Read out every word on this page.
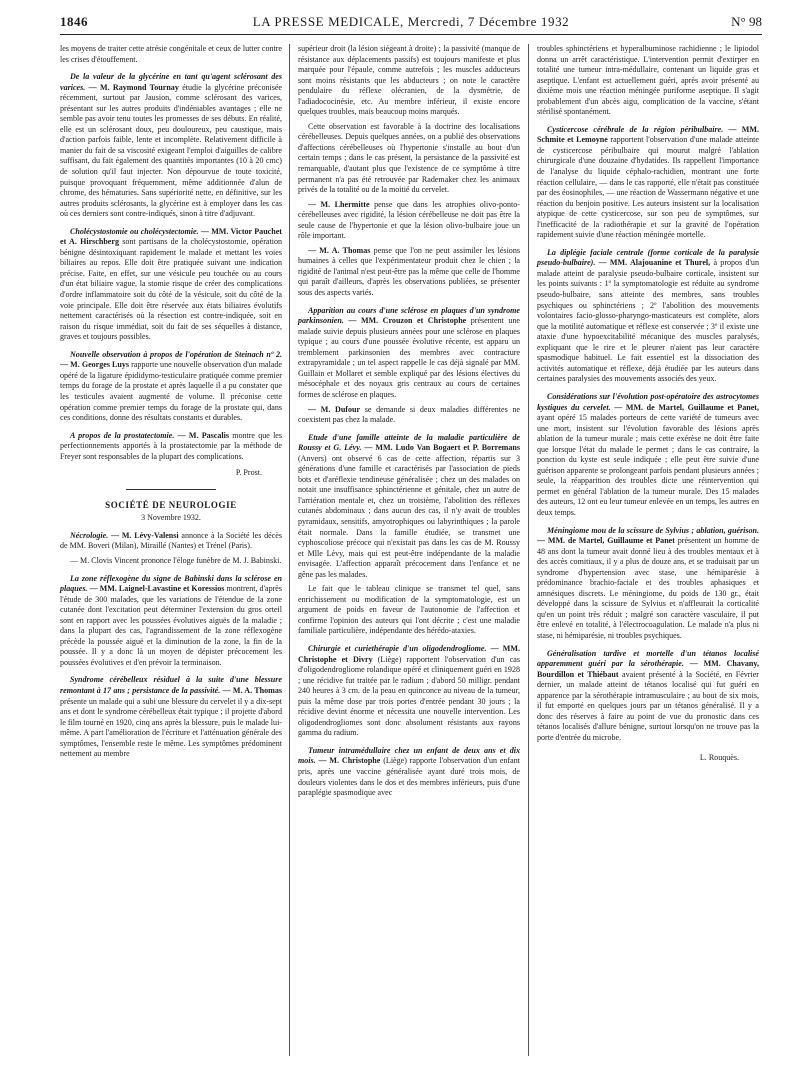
1846	LA PRESSE MEDICALE, Mercredi, 7 Décembre 1932	N° 98

les moyens de traiter cette atrésie congénitale et ceux de lutter contre les crises d'étouffement.

De la valeur de la glycérine en tant qu'agent sclérosant des varices. — M. Raymond Tournay étudie la glycérine préconisée récemment, surtout par Jausion, comme sclérosant des varices, présentant sur les autres produits d'indéniables avantages ; elle ne semble pas avoir tenu toutes les promesses de ses débuts. En réalité, elle est un sclérosant doux, peu douloureux, peu caustique, mais d'action parfois faible, lente et incomplète. Relativement difficile à manier du fait de sa viscosité exigeant l'emploi d'aiguilles de calibre suffisant, du fait également des quantités importantes (10 à 20 cmc) de solution qu'il faut injecter. Non dépourvue de toute toxicité, puisque provoquant fréquemment, même additionnée d'alun de chrome, des hématuries. Sans supériorité nette, en définitive, sur les autres produits sclérosants, la glycérine est à employer dans les cas où ces derniers sont contre-indiqués, sinon à titre d'adjuvant.

Cholécystostomie ou cholécystectomie. — MM. Victor Pauchet et A. Hirschberg sont partisans de la cholécystostomie, opération bénigne désintoxiquant rapidement le malade et mettant les voies biliaires au repos. Elle doit être pratiquée suivant une indication précise. Faite, en effet, sur une vésicule peu touchée ou au cours d'un état biliaire vague, la stomie risque de créer des complications d'ordre inflammatoire soit du côté de la vésicule, soit du côté de la voie principale. Elle doit être réservée aux états biliaires évolutifs nettement caractérisés où la résection est contre-indiquée, soit en raison du risque immédiat, soit du fait de ses séquelles à distance, graves et toujours possibles.

Nouvelle observation à propos de l'opération de Steinach nº 2. — M. Georges Luys rapporte une nouvelle observation d'un malade opéré de la ligature épididymo-testiculaire pratiquée comme premier temps du forage de la prostate et après laquelle il a pu constater que les testicules avaient augmenté de volume. Il préconise cette opération comme premier temps du forage de la prostate qui, dans ces conditions, donne des résultats constants et durables.

A propos de la prostatectomie. — M. Pascalis montre que les perfectionnements apportés à la prostatectomie par la méthode de Freyer sont responsables de la plupart des complications.

P. Prost.

SOCIÉTÉ DE NEUROLOGIE
3 Novembre 1932.

Nécrologie. — M. Lévy-Valensi annonce à la Société les décès de MM. Boveri (Milan), Miraillé (Nantes) et Trénel (Paris).

— M. Clovis Vincent prononce l'éloge funèbre de M. J. Babinski.

La zone réflexogène du signe de Babinski dans la sclérose en plaques. — MM. Laignel-Lavastine et Koressios montrent, d'après l'étude de 300 malades, que les variations de l'étendue de la zone cutanée dont l'excitation peut déterminer l'extension du gros orteil sont en rapport avec les poussées évolutives aiguës de la maladie ; dans la plupart des cas, l'agrandissement de la zone réflexogène précède la poussée aiguë et la diminution de la zone, la fin de la poussée. Il y a donc là un moyen de dépister précocement les poussées évolutives et d'en prévoir la terminaison.

Syndrome cérébelleux résiduel à la suite d'une blessure remontant à 17 ans ; persistance de la passivité. — M. A. Thomas présente un malade qui a subi une blessure du cervelet il y a dix-sept ans et dont le syndrome cérébelleux était typique ; il projette d'abord le film tourné en 1920, cinq ans après la blessure, puis le malade lui-même. A part l'amélioration de l'écriture et l'atténuation générale des symptômes, l'ensemble reste le même. Les symptômes prédominent nettement au membre

supérieur droit (la lésion siégeant à droite) ; la passivité (manque de résistance aux déplacements passifs) est toujours manifeste et plus marquée pour l'épaule, comme autrefois ; les muscles adducteurs sont moins résistants que les abducteurs ; on note le caractère pendulaire du réflexe olécranien, de la dysmétrie, de l'adiadococinésie, etc. Au membre inférieur, il existe encore quelques troubles, mais beaucoup moins marqués.

Cette observation est favorable à la doctrine des localisations cérébelleuses. Depuis quelques années, on a publié des observations d'affections cérébelleuses où l'hypertonie s'installe au bout d'un certain temps ; dans le cas présent, la persistance de la passivité est remarquable, d'autant plus que l'existence de ce symptôme à titre permanent n'a pas été retrouvée par Rademaker chez les animaux privés de la totalité ou de la moitié du cervelet.

— M. Lhermitte pense que dans les atrophies olivo-ponto-cérébelleuses avec rigidité, la lésion cérébelleuse ne doit pas être la seule cause de l'hypertonie et que la lésion olivo-bulbaire joue un rôle important.

— M. A. Thomas pense que l'on ne peut assimiler les lésions humaines à celles que l'expérimentateur produit chez le chien ; la rigidité de l'animal n'est peut-être pas la même que celle de l'homme qui paraît d'ailleurs, d'après les observations publiées, se présenter sous des aspects variés.

Apparition au cours d'une sclérose en plaques d'un syndrome parkinsonien. — MM. Crouzon et Christophe présentent une malade suivie depuis plusieurs années pour une sclérose en plaques typique ; au cours d'une poussée évolutive récente, est apparu un tremblement parkinsonien des membres avec contracture extrapyramidale ; un tel aspect rappelle le cas déjà signalé par MM. Guillain et Mollaret et semble expliqué par des lésions électives du mésocéphale et des noyaux gris centraux au cours de certaines formes de sclérose en plaques.

— M. Dufour se demande si deux maladies différentes ne coexistent pas chez la malade.

Etude d'une famille atteinte de la maladie particulière de Roussy et G. Lévy. — MM. Ludo Van Bogaert et P. Borremans (Anvers) ont observé 6 cas de cette affection, répartis sur 3 générations d'une famille et caractérisés par l'association de pieds bots et d'aréflexie tendineuse généralisée ; chez un des malades on notait une insuffisance sphinctérienne et génitale, chez un autre de l'arriération mentale et, chez un troisième, l'abolition des réflexes cutanés abdominaux ; dans aucun des cas, il n'y avait de troubles pyramidaux, sensitifs, amyotrophiques ou labyrinthiques ; la parole était normale. Dans la famille étudiée, se transmet une cyphoscoliose précoce qui n'existait pas dans les cas de M. Roussy et Mlle Lévy, mais qui est peut-être indépendante de la maladie envisagée. L'affection apparaît précocement dans l'enfance et ne gêne pas les malades.

Le fait que le tableau clinique se transmet tel quel, sans enrichissement ou modification de la symptomatologie, est un argument de poids en faveur de l'autonomie de l'affection et confirme l'opinion des auteurs qui l'ont décrite ; c'est une maladie familiale particulière, indépendante des hérédo-ataxies.

Chirurgie et curiethérapie d'un oligodendrogliome. — MM. Christophe et Divry (Liège) rapportent l'observation d'un cas d'oligodendrogliome rolandique opéré et cliniquement guéri en 1928 ; une récidive fut traitée par le radium ; d'abord 50 milligr. pendant 240 heures à 3 cm. de la peau en quinconce au niveau de la tumeur, puis la même dose par trois portes d'entrée pendant 30 jours ; la récidive devint énorme et nécessita une nouvelle intervention. Les oligodendrogliomes sont donc absolument résistants aux rayons gamma du radium.

Tumeur intramédullaire chez un enfant de deux ans et dix mois. — M. Christophe (Liège) rapporte l'observation d'un enfant pris, après une vaccine généralisée ayant duré trois mois, de douleurs violentes dans le dos et des membres inférieurs, puis d'une paraplégie spasmodique avec

troubles sphinctériens et hyperalbuminose rachidienne ; le lipiodol donna un arrêt caractéristique. L'intervention permit d'extirper en totalité une tumeur intra-médullaire, contenant un liquide gras et aseptique. L'enfant est actuellement guéri, après avoir présenté au dixième mois une réaction méningée puriforme aseptique. Il s'agit probablement d'un abcès aigu, complication de la vaccine, s'étant stérilisé spontanément.

Cysticercose cérébrale de la région péribulbaire. — MM. Schmite et Lemoyne rapportent l'observation d'une malade atteinte de cysticercose péribulbaire qui mourut malgré l'ablation chirurgicale d'une douzaine d'hydatides. Ils rappellent l'importance de l'analyse du liquide céphalo-rachidien, montrant une forte réaction cellulaire, — dans le cas rapporté, elle n'était pas constituée par des éosinophiles, — une réaction de Wassermann négative et une réaction du benjoin positive. Les auteurs insistent sur la localisation atypique de cette cysticercose, sur son peu de symptômes, sur l'inefficacité de la radiothérapie et sur la gravité de l'opération rapidement suivie d'une réaction méningée mortelle.

La diplégie faciale centrale (forme corticale de la paralysie pseudo-bulbaire). — MM. Alajouanine et Thurel, à propos d'un malade atteint de paralysie pseudo-bulbaire corticale, insistent sur les points suivants : 1º la symptomatologie est réduite au syndrome pseudo-bulbaire, sans atteinte des membres, sans troubles psychiques ou sphinctériens ; 2º l'abolition des mouvements volontaires facio-glosso-pharyngo-masticateurs est complète, alors que la motilité automatique et réflexe est conservée ; 3º il existe une ataxie d'une hypoexcitabilité mécanique des muscles paralysés, expliquant que le rire et le pleurer n'aient pas leur caractère spasmodique habituel. Le fait essentiel est la dissociation des activités automatique et réflexe, déjà étudiée par les auteurs dans certaines paralysies des mouvements associés des yeux.

Considérations sur l'évolution post-opératoire des astrocytomes kystiques du cervelet. — MM. de Martel, Guillaume et Panet, ayant opéré 15 malades porteurs de cette variété de tumeurs avec une mort, insistent sur l'évolution favorable des lésions après ablation de la tumeur murale ; mais cette exérèse ne doit être faite que lorsque l'état du malade le permet ; dans le cas contraire, la ponction du kyste est seule indiquée ; elle peut être suivie d'une guérison apparente se prolongeant parfois pendant plusieurs années ; seule, la réapparition des troubles dicte une réintervention qui permet en général l'ablation de la tumeur murale. Des 15 malades des auteurs, 12 ont eu leur tumeur enlevée en un temps, les autres en deux temps.

Méningiome mou de la scissure de Sylvius ; ablation, guérison. — MM. de Martel, Guillaume et Panet présentent un homme de 48 ans dont la tumeur avait donné lieu à des troubles mentaux et à des accès comitiaux, il y a plus de douze ans, et se traduisait par un syndrome d'hypertension avec stase, une hémiparésie à prédominance brachio-faciale et des troubles aphasiques et amnésiques discrets. Le méningiome, du poids de 130 gr., était développé dans la scissure de Sylvius et n'affleurait la corticalité qu'en un point très réduit ; malgré son caractère vasculaire, il put être enlevé en totalité, à l'électrocoagulation. Le malade n'a plus ni stase, ni hémiparésie, ni troubles psychiques.

Généralisation tardive et mortelle d'un tétanos localisé apparemment guéri par la sérothérapie. — MM. Chavany, Bourdillon et Thiébaut avaient présenté à la Société, en Février dernier, un malade atteint de tétanos localisé qui fut guéri en apparence par la sérothérapie intramusculaire ; au bout de six mois, il fut emporté en quelques jours par un tétanos généralisé. Il y a donc des réserves à faire au point de vue du pronostic dans ces tétanos localisés d'allure bénigne, surtout lorsqu'on ne trouve pas la porte d'entrée du microbe.

L. Rouquès.
